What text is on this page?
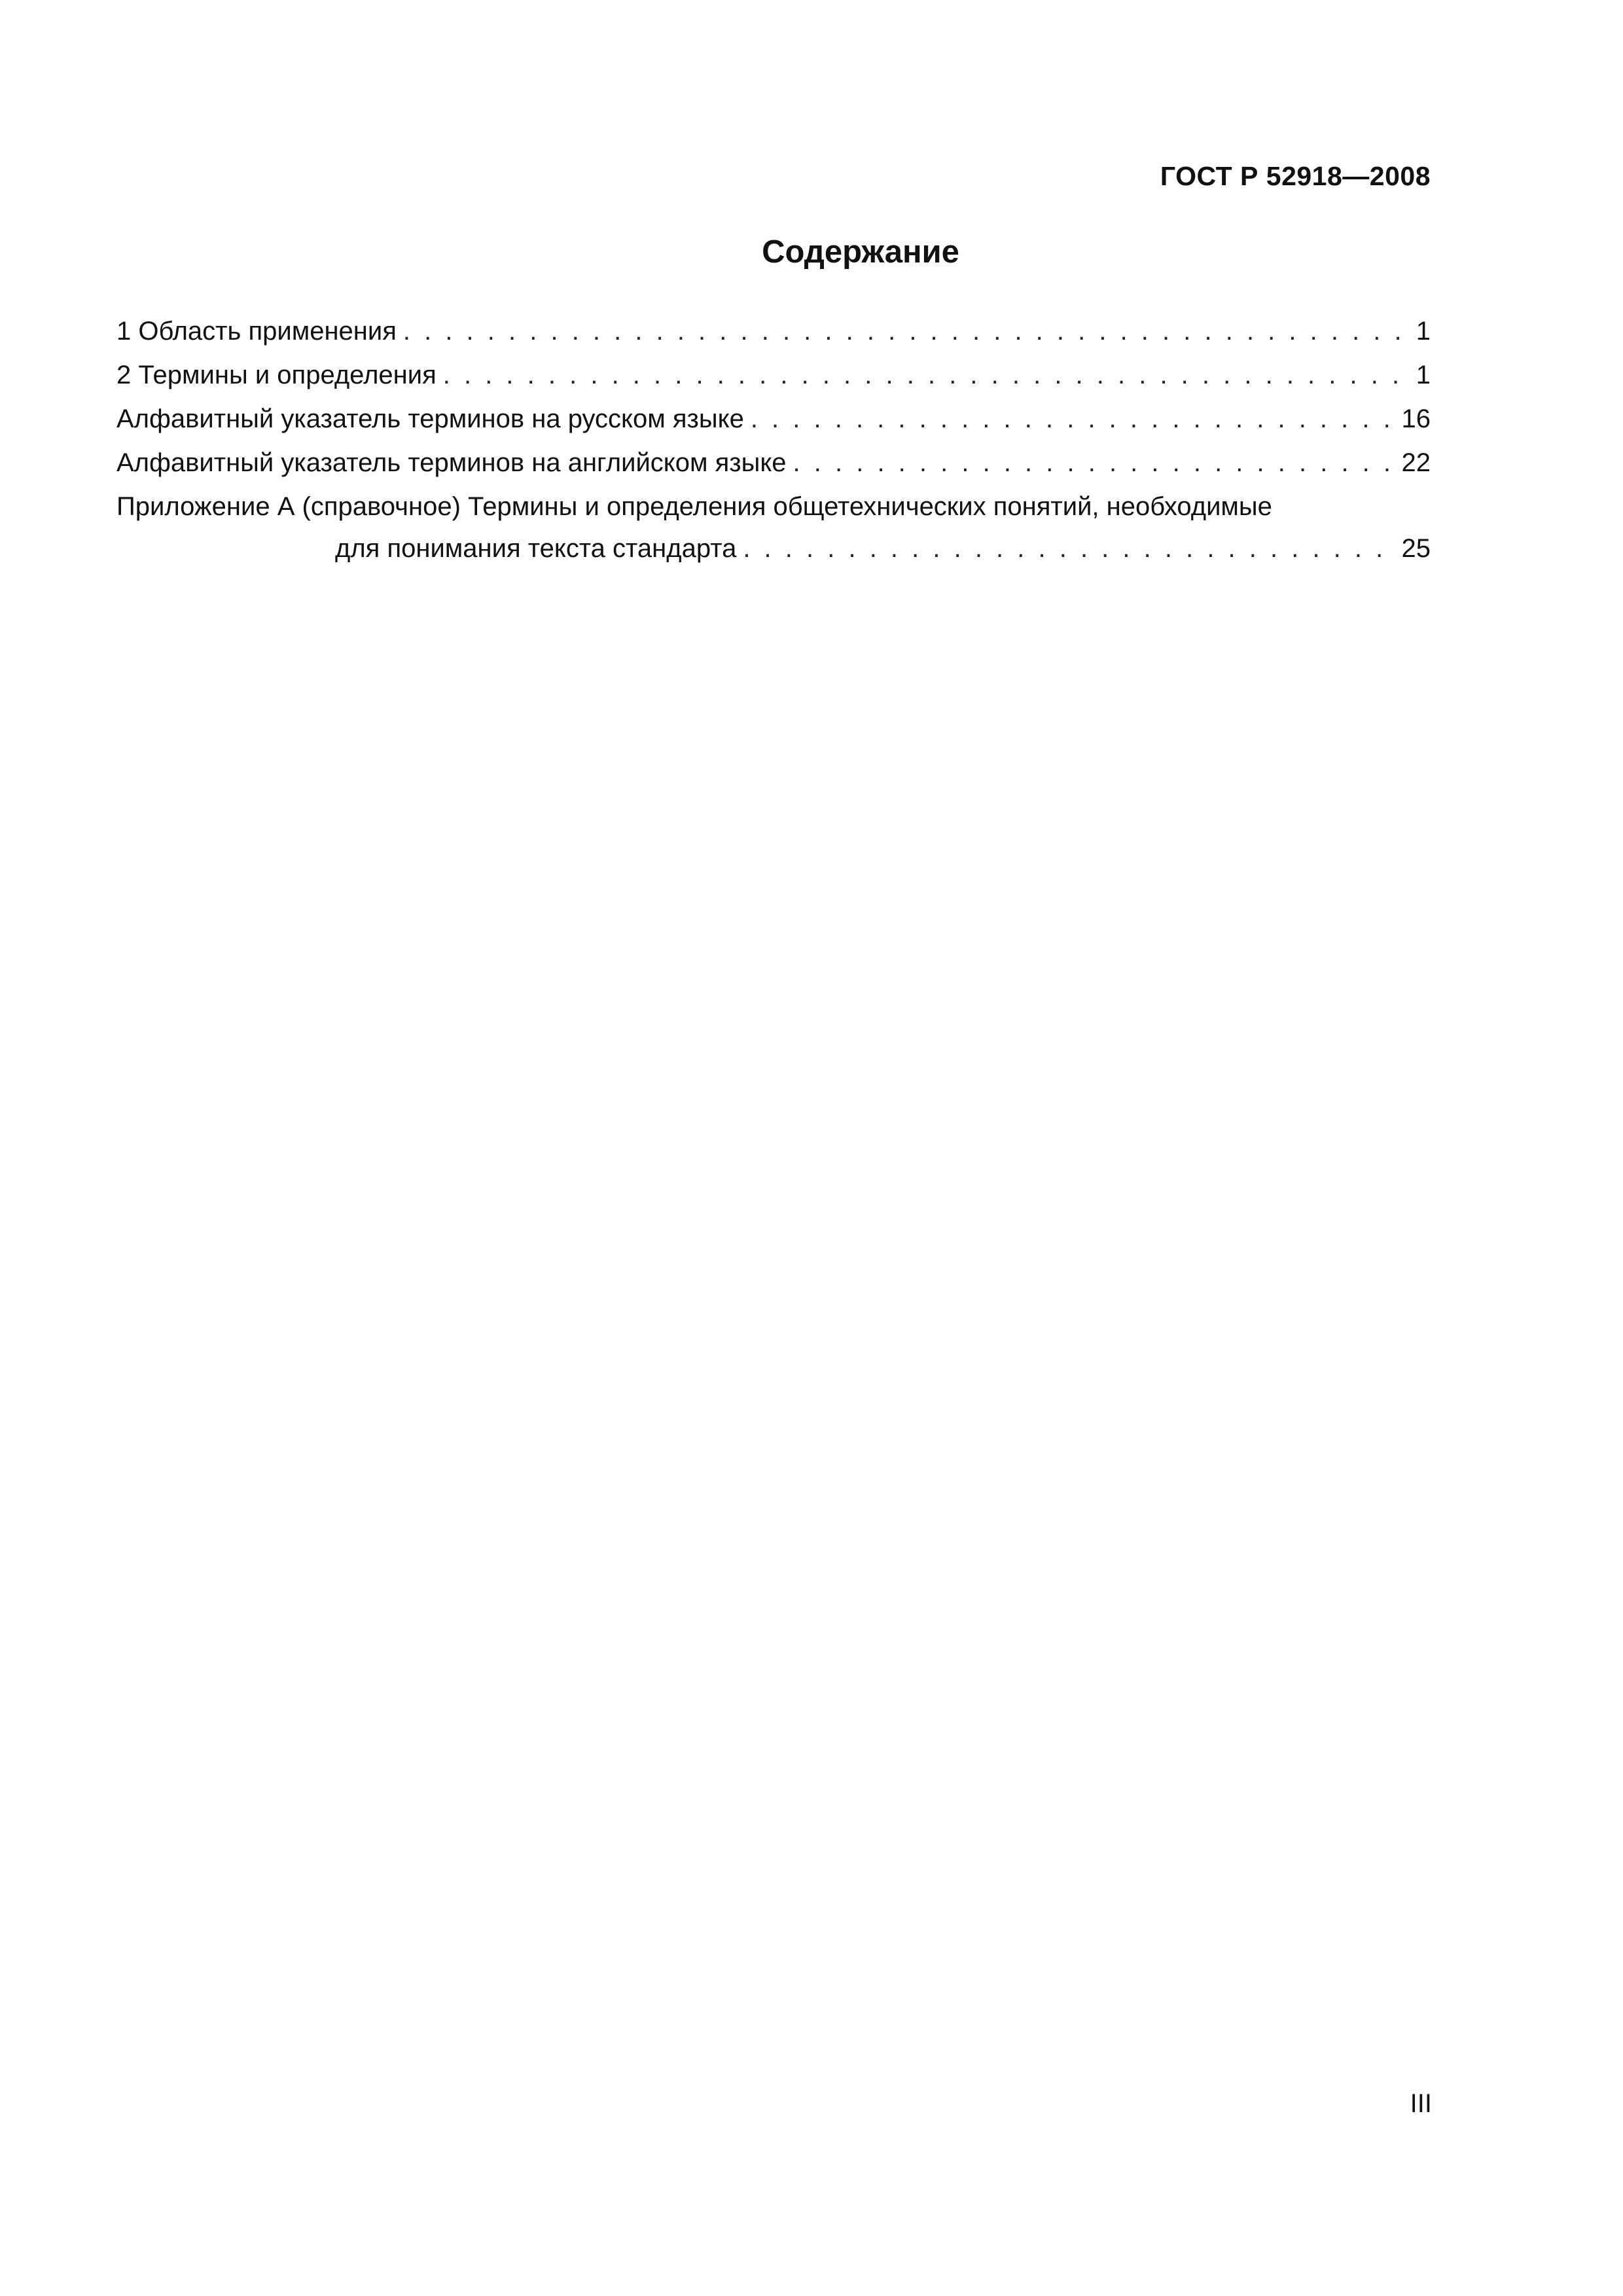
ГОСТ Р 52918—2008
Содержание
1 Область применения . . .	1
2 Термины и определения . . .	1
Алфавитный указатель терминов на русском языке . . .	16
Алфавитный указатель терминов на английском языке . . .	22
Приложение А (справочное) Термины и определения общетехнических понятий, необходимые
для понимания текста стандарта . . .	25
III
